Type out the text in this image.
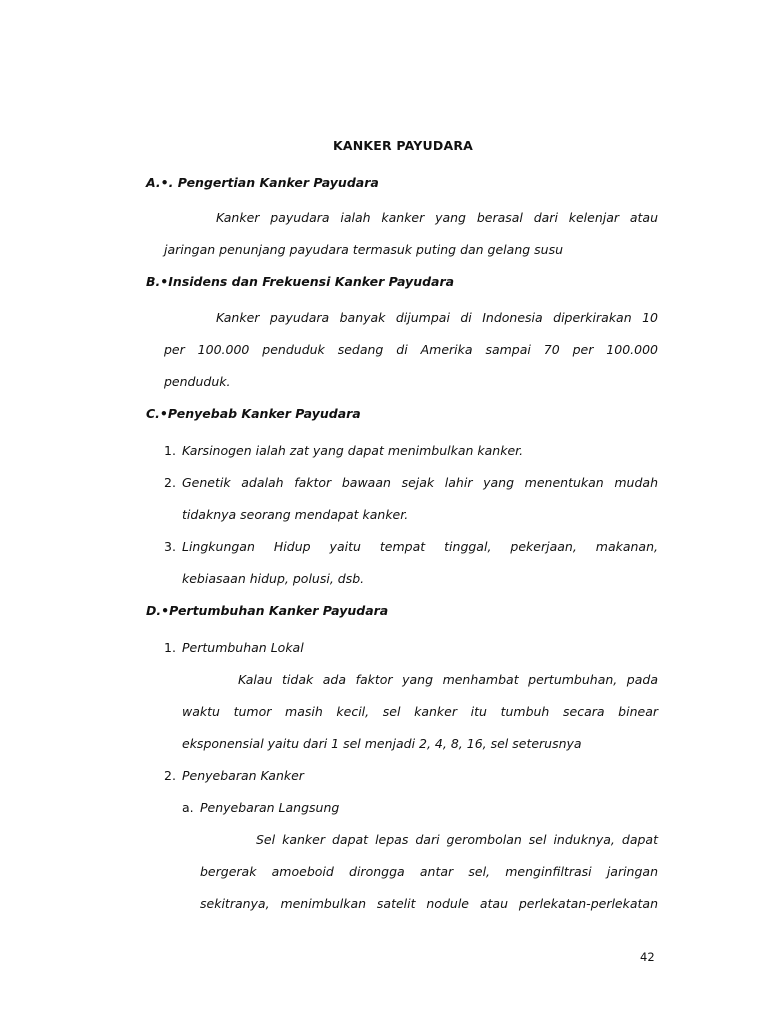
KANKER PAYUDARA
A.•. Pengertian Kanker Payudara
Kanker payudara ialah kanker yang berasal dari kelenjar atau
jaringan penunjang payudara termasuk puting dan gelang susu
B.•Insidens dan Frekuensi Kanker Payudara
Kanker payudara banyak dijumpai di Indonesia diperkirakan 10
per 100.000 penduduk sedang di Amerika sampai 70 per 100.000
penduduk.
C.•Penyebab Kanker Payudara
1. Karsinogen ialah zat yang dapat menimbulkan kanker.
2. Genetik adalah faktor bawaan sejak lahir yang menentukan mudah
tidaknya seorang mendapat kanker.
3. Lingkungan Hidup yaitu tempat tinggal, pekerjaan, makanan,
kebiasaan hidup, polusi, dsb.
D.•Pertumbuhan Kanker Payudara
1. Pertumbuhan Lokal
Kalau tidak ada faktor yang menhambat pertumbuhan, pada
waktu tumor masih kecil, sel kanker itu tumbuh secara binear
eksponensial yaitu dari 1 sel menjadi 2, 4, 8, 16, sel seterusnya
2. Penyebaran Kanker
a. Penyebaran Langsung
Sel kanker dapat lepas dari gerombolan sel induknya, dapat
bergerak amoeboid dirongga antar sel, menginfiltrasi jaringan
sekitranya, menimbulkan satelit nodule atau perlekatan-perlekatan
42
